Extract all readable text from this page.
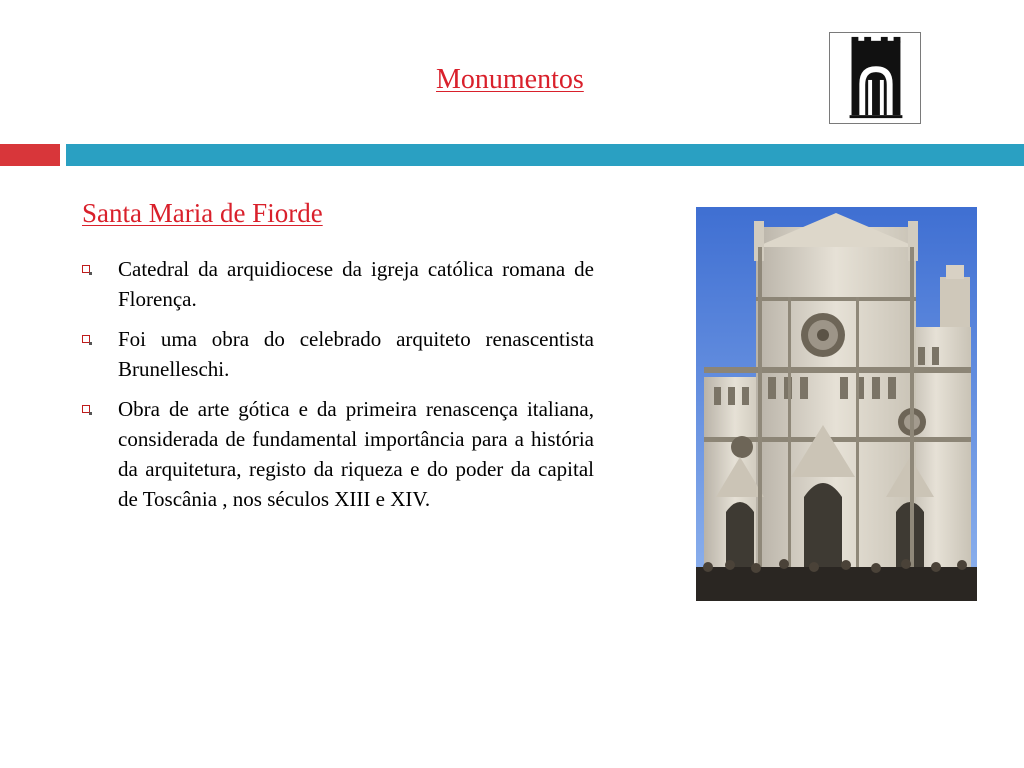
Monumentos
Santa Maria de Fiorde
Catedral da arquidiocese da igreja católica romana de Florença.
Foi uma obra do celebrado arquiteto renascentista Brunelleschi.
Obra de arte gótica e da primeira renascença italiana, considerada de fundamental importância para a história da arquitetura, registo da riqueza e do poder da capital de Toscânia , nos séculos XIII e XIV.
